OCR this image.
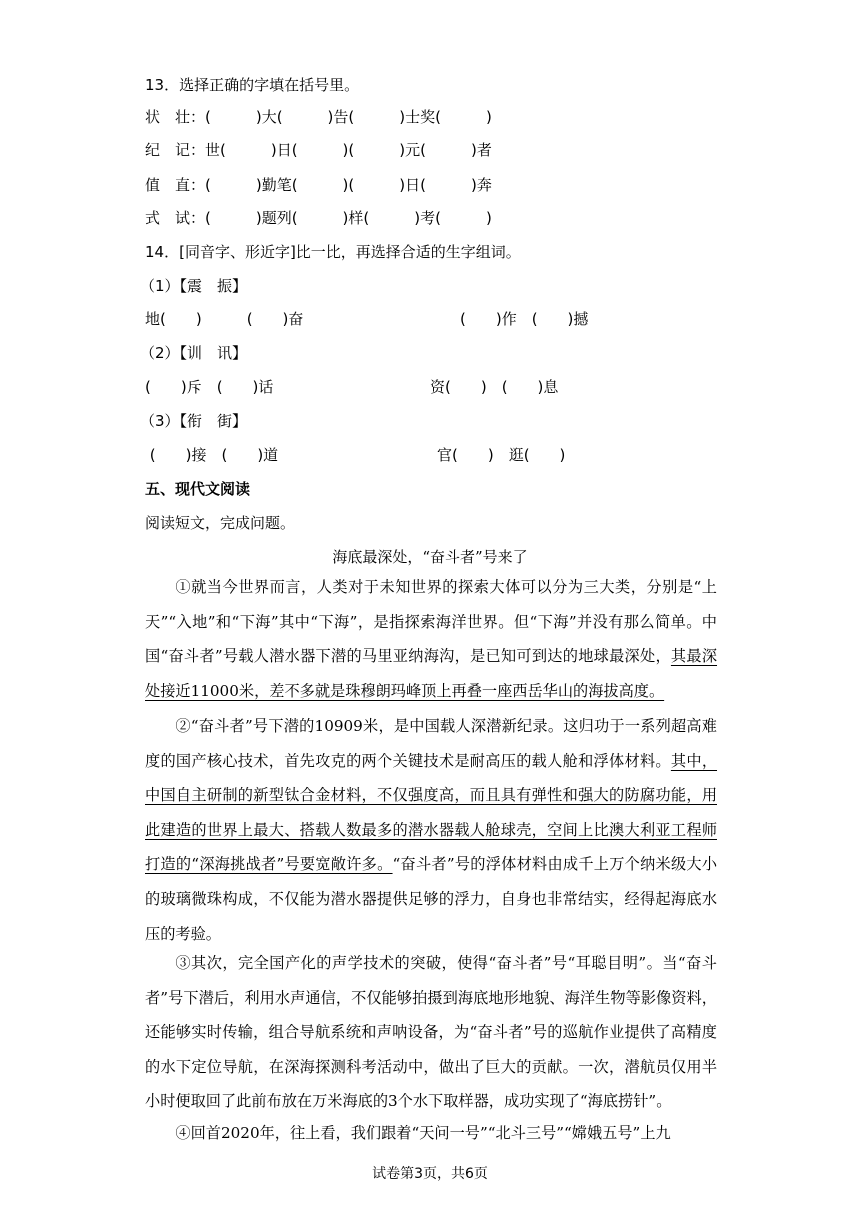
13．选择正确的字填在括号里。

状　壮：

(　　　)大(　　　)告(　　　)士奖(　　　)

纪　记：

世(　　　)日(　　　)(　　　)元(　　　)者

值　直：

(　　　)勤笔(　　　)(　　　)日(　　　)奔

式　试：

(　　　)题列(　　　)样(　　　)考(　　　)

14．[同音字、形近字]比一比，再选择合适的生字组词。
（1）【震　振】
地(　　)　　　(　　)奋	(　　)作　(　　)撼
（2）【训　讯】
(　　)斥　(　　)话	资(　　)　(　　)息
（3）【衔　街】
(　　)接　(　　)道	官(　　)　逛(　　)
五、现代文阅读
阅读短文，完成问题。
海底最深处，“奋斗者”号来了
①就当今世界而言，人类对于未知世界的探索大体可以分为三大类，分别是“上天”“入地”和“下海”其中“下海”，是指探索海洋世界。但“下海”并没有那么简单。中国“奋斗者”号载人潜水器下潜的马里亚纳海沟，是已知可到达的地球最深处，其最深处接近11000米，差不多就是珠穆朗玛峰顶上再叠一座西岳华山的海拔高度。
②“奋斗者”号下潜的10909米，是中国载人深潜新纪录。这归功于一系列超高难度的国产核心技术，首先攻克的两个关键技术是耐高压的载人舱和浮体材料。其中，中国自主研制的新型钛合金材料，不仅强度高，而且具有弹性和强大的防腐功能，用此建造的世界上最大、搭载人数最多的潜水器载人舱球壳，空间上比澳大利亚工程师打造的“深海挑战者”号要宽敞许多。“奋斗者”号的浮体材料由成千上万个纳米级大小的玻璃微珠构成，不仅能为潜水器提供足够的浮力，自身也非常结实，经得起海底水压的考验。
③其次，完全国产化的声学技术的突破，使得“奋斗者”号“耳聪目明”。当“奋斗者”号下潜后，利用水声通信，不仅能够拍摄到海底地形地貌、海洋生物等影像资料，还能够实时传输，组合导航系统和声呐设备，为“奋斗者”号的巡航作业提供了高精度的水下定位导航，在深海探测科考活动中，做出了巨大的贡献。一次，潜航员仅用半小时便取回了此前布放在万米海底的3个水下取样器，成功实现了“海底捞针”。
④回首2020年，往上看，我们跟着“天问一号”“北斗三号”“嫦娥五号”上九
试卷第3页，共6页
